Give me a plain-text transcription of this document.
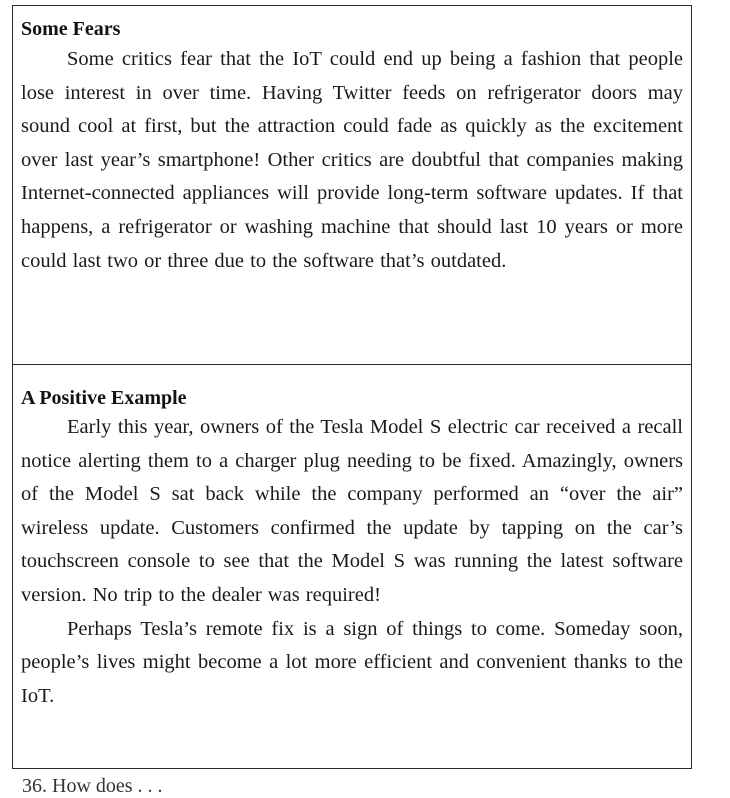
Some Fears

Some critics fear that the IoT could end up being a fashion that people lose interest in over time. Having Twitter feeds on refrigerator doors may sound cool at first, but the attraction could fade as quickly as the excitement over last year’s smartphone! Other critics are doubtful that companies making Internet-connected appliances will provide long-term software updates. If that happens, a refrigerator or washing machine that should last 10 years or more could last two or three due to the software that’s outdated.

A Positive Example

Early this year, owners of the Tesla Model S electric car received a recall notice alerting them to a charger plug needing to be fixed. Amazingly, owners of the Model S sat back while the company performed an “over the air” wireless update. Customers confirmed the update by tapping on the car’s touchscreen console to see that the Model S was running the latest software version. No trip to the dealer was required!

Perhaps Tesla’s remote fix is a sign of things to come. Someday soon, people’s lives might become a lot more efficient and convenient thanks to the IoT.

36. How does . . .
